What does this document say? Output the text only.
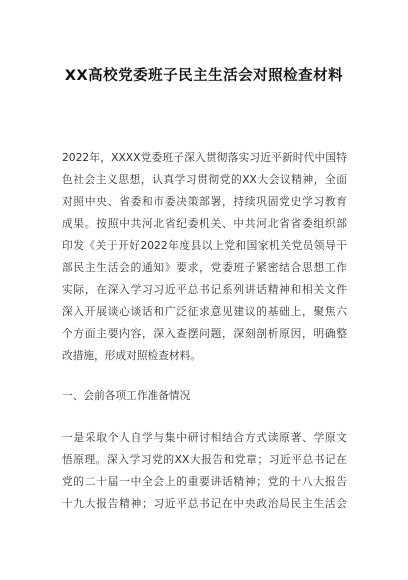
XX高校党委班子民主生活会对照检查材料
2022年，XXXX党委班子深入贯彻落实习近平新时代中国特
色社会主义思想，认真学习贯彻党的XX大会议精神，全面
对照中央、省委和市委决策部署，持续巩固党史学习教育
成果。按照中共河北省纪委机关、中共河北省省委组织部
印发《关于开好2022年度县以上党和国家机关党员领导干
部民主生活会的通知》要求，党委班子紧密结合思想工作
实际，在深入学习习近平总书记系列讲话精神和相关文件
深入开展谈心谈话和广泛征求意见建议的基础上，聚焦六
个方面主要内容，深入查摆问题，深刻剖析原因，明确整
改措施，形成对照检查材料。
一、会前各项工作准备情况
一是采取个人自学与集中研讨相结合方式读原著、学原文
悟原理。深入学习党的XX大报告和党章；习近平总书记在
党的二十届一中全会上的重要讲话精神；党的十八大报告
十九大报告精神；习近平总书记在中央政治局民主生活会
